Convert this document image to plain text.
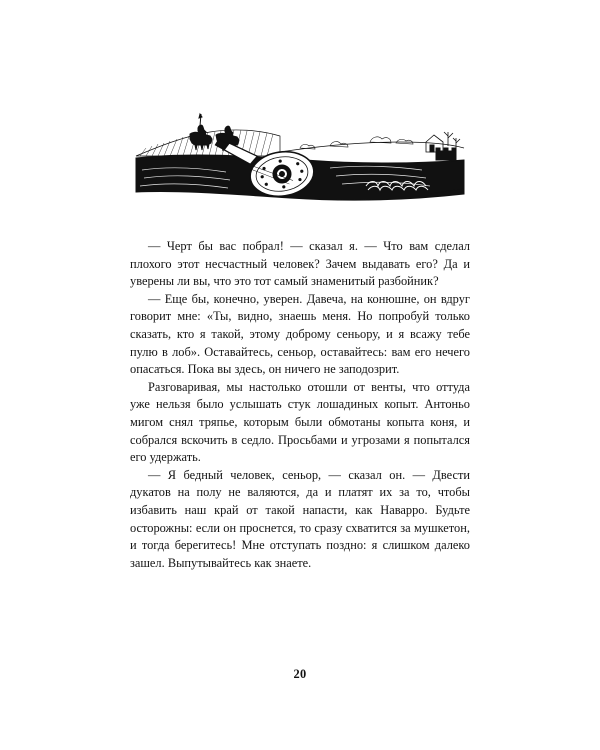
— Черт бы вас побрал! — сказал я. — Что вам сделал плохого этот несчастный человек? Зачем выдавать его? Да и уверены ли вы, что это тот самый знаменитый разбойник?

— Еще бы, конечно, уверен. Давеча, на конюшне, он вдруг говорит мне: «Ты, видно, знаешь меня. Но попробуй только сказать, кто я такой, этому доброму сеньору, и я всажу тебе пулю в лоб». Оставайтесь, сеньор, оставайтесь: вам его нечего опасаться. Пока вы здесь, он ничего не заподозрит.

Разговаривая, мы настолько отошли от венты, что оттуда уже нельзя было услышать стук лошадиных копыт. Антоньо мигом снял тряпье, которым были обмотаны копыта коня, и собрался вскочить в седло. Просьбами и угрозами я попытался его удержать.

— Я бедный человек, сеньор, — сказал он. — Двести дукатов на полу не валяются, да и платят их за то, чтобы избавить наш край от такой напасти, как Наварро. Будьте осторожны: если он проснется, то сразу схватится за мушкетон, и тогда берегитесь! Мне отступать поздно: я слишком далеко зашел. Выпутывайтесь как знаете.

20
